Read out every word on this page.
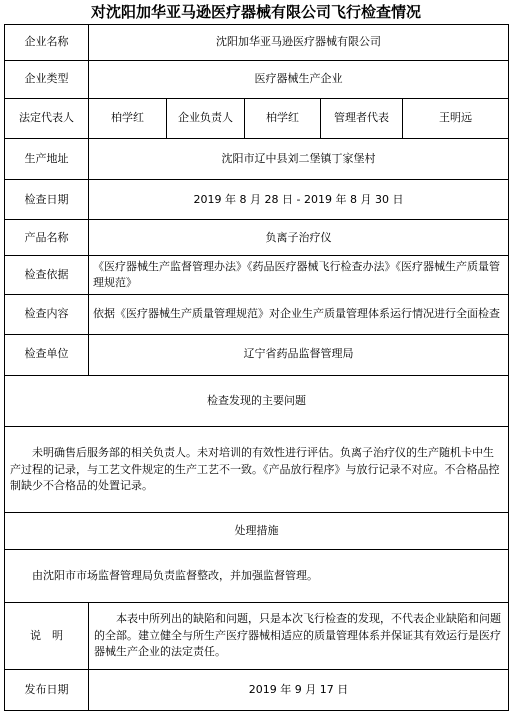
对沈阳加华亚马逊医疗器械有限公司飞行检查情况
企业名称	沈阳加华亚马逊医疗器械有限公司				
企业类型	医疗器械生产企业				
法定代表人	柏学红	企业负责人	柏学红	管理者代表	王明远
生产地址	沈阳市辽中县刘二堡镇丁家堡村				
检查日期	2019 年 8 月 28 日 - 2019 年 8 月 30 日				
产品名称	负离子治疗仪				
检查依据	《医疗器械生产监督管理办法》《药品医疗器械飞行检查办法》《医疗器械生产质量管理规范》				
检查内容	依据《医疗器械生产质量管理规范》对企业生产质量管理体系运行情况进行全面检查				
检查单位	辽宁省药品监督管理局				
检查发现的主要问题					
未明确售后服务部的相关负责人。未对培训的有效性进行评估。负离子治疗仪的生产随机卡中生产过程的记录，与工艺文件规定的生产工艺不一致。《产品放行程序》与放行记录不对应。不合格品控制缺少不合格品的处置记录。					
处理措施					
由沈阳市市场监督管理局负责监督整改，并加强监督管理。					
说　明	本表中所列出的缺陷和问题，只是本次飞行检查的发现，不代表企业缺陷和问题的全部。建立健全与所生产医疗器械相适应的质量管理体系并保证其有效运行是医疗器械生产企业的法定责任。				
发布日期	2019 年 9 月 17 日				
